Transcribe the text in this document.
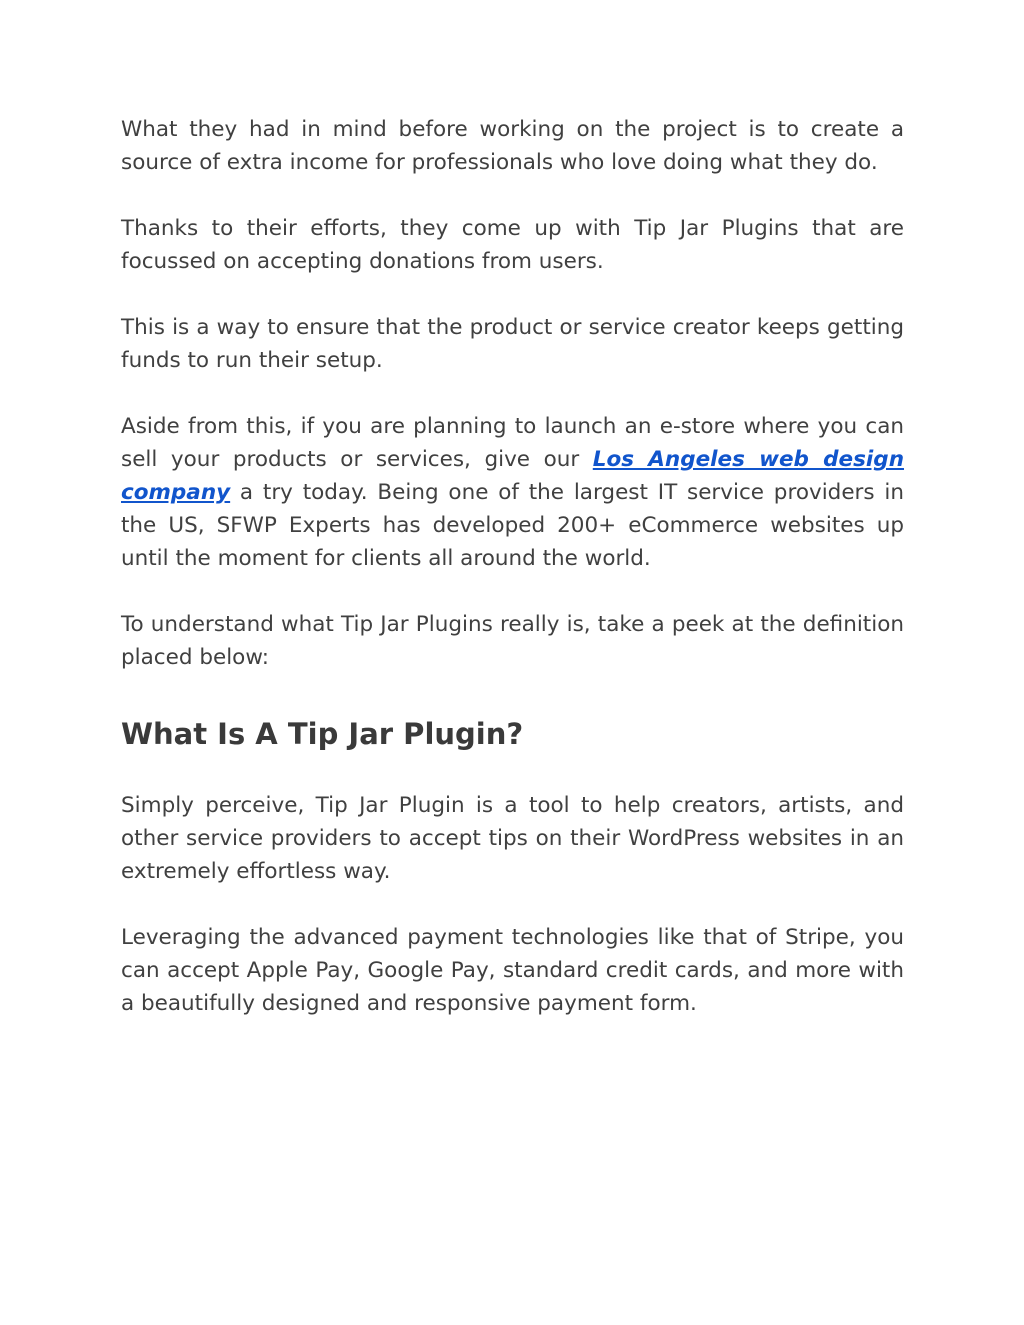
What they had in mind before working on the project is to create a source of extra income for professionals who love doing what they do.

Thanks to their efforts, they come up with Tip Jar Plugins that are focussed on accepting donations from users.

This is a way to ensure that the product or service creator keeps getting funds to run their setup.

Aside from this, if you are planning to launch an e-store where you can sell your products or services, give our Los Angeles web design company a try today. Being one of the largest IT service providers in the US, SFWP Experts has developed 200+ eCommerce websites up until the moment for clients all around the world.

To understand what Tip Jar Plugins really is, take a peek at the definition placed below:

What Is A Tip Jar Plugin?

Simply perceive, Tip Jar Plugin is a tool to help creators, artists, and other service providers to accept tips on their WordPress websites in an extremely effortless way.

Leveraging the advanced payment technologies like that of Stripe, you can accept Apple Pay, Google Pay, standard credit cards, and more with a beautifully designed and responsive payment form.
